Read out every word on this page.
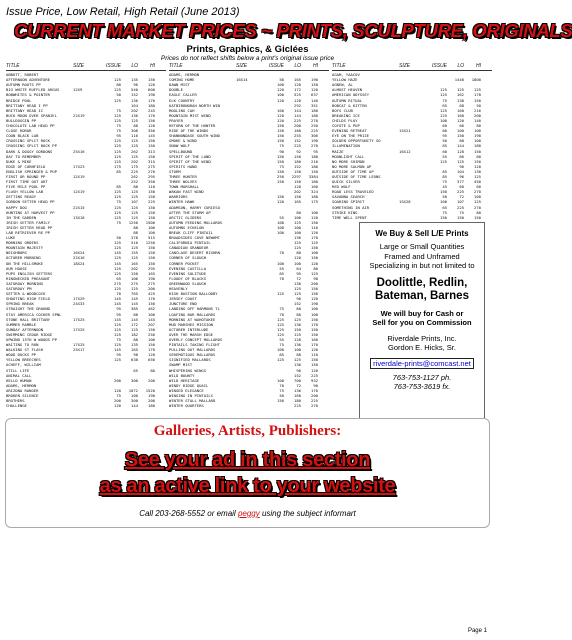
Issue Price, Low Retail, High Retail (June 2013)
CURRENT MARKET PRICES ~ PRINTS, SCULPTURE, ORIGINALS
Prints, Graphics, & Giclées
Prices do not reflect shifts below a print's original issue price
TITLE	SIZE	ISSUE	LO	HI
ABBOTT, ROBERT
AFTERNOON ADVENTURE	125	135	150
AUTUMN ROOTS PP	80	96	120
BIG WHITE RUFFLED ARGUS	12X9	125	540	600
BOBWHITES & POINTER	50	152	190
BRIDGE POOL	125	136	170
BRITTANY HEAD I PP	164	180
BRITTANY HEAD II	75	202	245
BUCK MOON OVER SPANIEL	22X19	125	136	170
BULLDOGGIN PP	125	125	150
CHOCOLATE LAB HEAD PP	75	88	120
CLOSE ROROR	75	308	350
COON BLACK LAB	95	116	145
CROSSING SPLIT ROCK	125	125	150
CROSSING SPLIT ROCK PP	125	125	150
DARK & DOGGY GORDONS	25X16	125	262	313
DAY TO REMEMBER	125	125	150
DUKE & MIKE	125	202	315
EDGE OF CORNFIELD	17X23	175	175	275
ENGLISH SPRINGER & PUP	85	225	270
FIRST OR ROUND PP	12X19	262	295
FIRST TIME OUT ART	252	350
FIVE MILE POOL PP	85	88	110
FLUSH YELLOW LAB	12X19	125	125	150
GETTING READY	125	125	150
GORDON SETTER HEAD PP	75	107	225
HAPPY DOG	22X15	125	125	150
HUNTING AT HARVEST PP	125	125	150
IN THE GARDEN	13X18	125	125	150
IRISH SETTER FAMILY	75	1250	1500
IRISH SETTER HEAD PP	88	100
LAB RETRIEVER RE PP	88	100
LUKE	50	378	515
MORNING ORDERS	125	510	1250
MOUNTAIN MAJESTY	125	125	150
NEIGHBORS	16X24	145	155	150
OCTOBER MORNING	22X16	125	125	150
ON THE HILLSMOKE	18X24	145	165	150
OUR HOUSE	125	202	295
PUPS ENGLISH SETTERS	125	150	165
RINGNECKED PHEASANT	65	106	190
SATURDAY MORNING	275	275	275
SATURDAY PM	125	125	200
SETTER & WOODCOCK	70	765	425
SHOOTING HIGH FIELD	17X29	145	145	170
SPRING BREAK	24X33	145	145	150
STRAIGHT THE GROUND	95	385	462
STAY AMERICA COCKER SPNL	95	88	100
STONE HALL BRITTANY	17X25	145	145	145
SUMMER RAMBLE	125	172	207
SUNDAY AFTERNOON	17X25	125	125	150
SWIMMING CEDAR RIDGE	125	182	256
UPWIND 15TH W WOODS PP	75	88	100
WAITING TO RUN	17X25	125	135	150
WALKING ST FLASH	25X17	145	165	170
WOOD DUCKS PP	95	98	120
YELLOW BREECHES	125	638	650
ACHEFF, WILLIAM
STILL LIFE	65	80
ANIMAL CALL
HELLO HUMAN	200	300	200
ADAMS, HERMON
ARIZONA RANGER	120	1072	1520
BROKEN SILENCE	75	100	190
BROTHERS	200	300	200
CHALLENGE	120	144	180
TITLE	SIZE	ISSUE	LO	HI
ADAMS, HERMON
COMING HOME	16X14	50	165	190
DAWN MIST	100	120	150
DOUBLE	120	172	120
EAGLE CALLER	100	525	637
ELK COUNTRY	120	120	140
KATBIBONORAH NORTH WIN	292	351
MOOLING CAH	100	144	180
MOUNTAIN MIST WIND	120	144	180
PRAYER	120	225	270
RETURN OF THE HUNTER	150	200	250
RIDE OF THE WINDS	150	180	225
SHANNONDASE SOUTH WIND	150	255	306
SMOKE & WIND	150	152	190
SNOW WOLF	75	225	270
SPELLBOUND	90	92	95
SPIRIT OF THE LAND	150	150	180
SPIRIT OF THE WIND	150	180	216
SPIRITS HAND	75	152	180
STORM	150	150	150
THREE HUNTER	250	2297	3384
THREE WOLVES	150	150	180
TOWN MARSHALL	128	160
WAKAN FAST WIND	202	324
WARRIORS	150	150	180
WINTER HAWK	120	165	175
ADAMSON, HARRY CURIESO
AFTER THE STORM AP	80	100
ARCTIC GLIDERS	55	100	120
AUTUMN FEEDING MALLARDS	100	125	150
AUTUMNS ECHELON	100	100	110
BREAK CLIFF PINTAIL	100	100	120
BROADSIDES COVE NEWHMT	136	170
CALIFORNIA PINTAIL	125	125
CANADIAN GRANDEUR	125	150
CANCLAVE DESERT BIGHRN	70	80	100
CORNER OF SLOUGH	120	150
CORNER POCKET	100	100	120
EVENING CASTILLA	55	64	80
EVENING SOLITUDE	85	95	125
FLOODY OF BLACKS	70	72	90
GREENWOOD SLOUGH	136	200
HEAVENLY	125	150
HIGH BASTION BALLODBY	125	125	150
JERSEY COAST	96	120
JUNCTURE END	152	190
LANDING OFF HARMONS TL	75	80	100
LOAFING BAR MALLARDS	70	80	100
MORNING AT WAHOTAKEE	125	125	150
MUD MARSHES MISSION	125	136	170
OCTOBER INTERLUDE	125	150	150
OVER THE MARSH EDGE	125	125	150
OVERLY CONCEPT MALLARDS	55	128	160
PINTAILS TAKING FLIGHT	75	136	170
PULLING OUT MALLARDS	100	100	120
SEREMOTIOUS MALLARDS	85	88	110
SIGNIFIED MALLARDS	125	125	150
SWAMP MIST	136	150
WHISPERING WINGS	96	120
WILD BOUNTY	152	225
WILD HERITAGE	100	700	932
WINDY RIDGE QUAIL	70	72	90
WINGED ELEGANCE	75	136	170
WINGING IN PINTAILS	50	160	200
WINTER STALL MALLARD	150	180	225
WINTER QUARTERS	225	270
TITLE	SIZE	ISSUE	LO	HI
AGAM, YAACOV
YELLOW HAZE	1440	1800
AGNEW, AL
ALMOST HEAVEN	125	125	125
AMERICAN ODYSSEY	125	162	178
AUTUMN RITUAL	75	130	150
BOBCAT & KITTEN	65	68	50
BOYS CLUB	125	160	216
BREAKING ICE	125	160	200
CHILDS PLAY	100	120	140
COYOTE & PUP	60	66	80
EVENING RETREAT	15X21	80	100	100
EYE ON THE PRIZE	95	150	190
GOLDEN OPPORTUNITY SO	50	88	100
ILLUMINATION	85	144	180
MAIZE	16X12	60	128	150
MOONLIGHT CALL	55	66	80
NO MORE SHIMON	125	125	150
NO MORE SALMON AP	96	120
OUTSIDE OF TIME AP	85	104	130
OUTSIDE OF TIME LEONS	85	96	125
QUICK SILVER	75	377	450
RED WOLF	45	60	60
ROAD LESS TRAVELED	150	225	270
SAVANNA SEARCH	50	72	100
SOARING SPIRIT	15X28	100	107	125
SOMETHING IN AIR	65	225	270
STRIKE KING	75	75	80
TIME WELL SPENT	150	150	150
We Buy & Sell L/E Prints
Large or Small Quantities
Framed and Unframed
Specializing in but not limited to
Doolittle, Redlin,
Bateman, Barnes
We will buy for Cash or
Sell for you on Commission
Riverdale Prints, Inc.
Gordon E. Hicks, Sr.
riverdale-prints@comcast.net
763-753-1127 ph.
763-753-3619 fx.
Galleries, Artists, Publishers:
See your ad in this section
as an active link to your website
Call 203-268-5552 or email peggy using the subject informart
Page 1
